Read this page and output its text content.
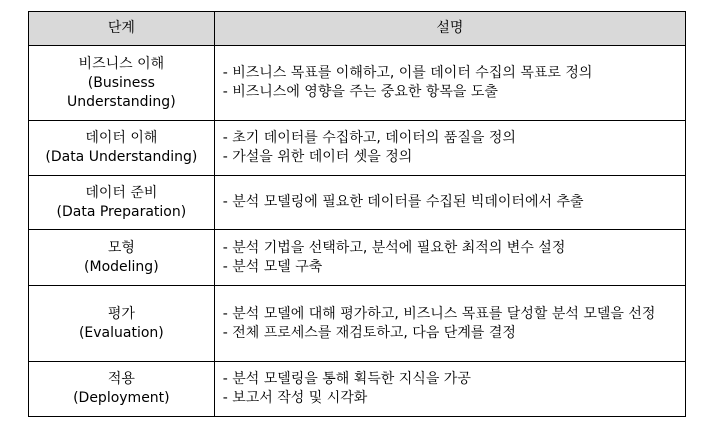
단계	설명

비즈니스 이해
(Business
Understanding)	- 비즈니스 목표를 이해하고, 이를 데이터 수집의 목표로 정의
- 비즈니스에 영향을 주는 중요한 항목을 도출

데이터 이해
(Data Understanding)	- 초기 데이터를 수집하고, 데이터의 품질을 정의
- 가설을 위한 데이터 셋을 정의

데이터 준비
(Data Preparation)	- 분석 모델링에 필요한 데이터를 수집된 빅데이터에서 추출

모형
(Modeling)	- 분석 기법을 선택하고, 분석에 필요한 최적의 변수 설정
- 분석 모델 구축

평가
(Evaluation)	- 분석 모델에 대해 평가하고, 비즈니스 목표를 달성할 분석 모델을 선정
- 전체 프로세스를 재검토하고, 다음 단계를 결정

적용
(Deployment)	- 분석 모델링을 통해 획득한 지식을 가공
- 보고서 작성 및 시각화
